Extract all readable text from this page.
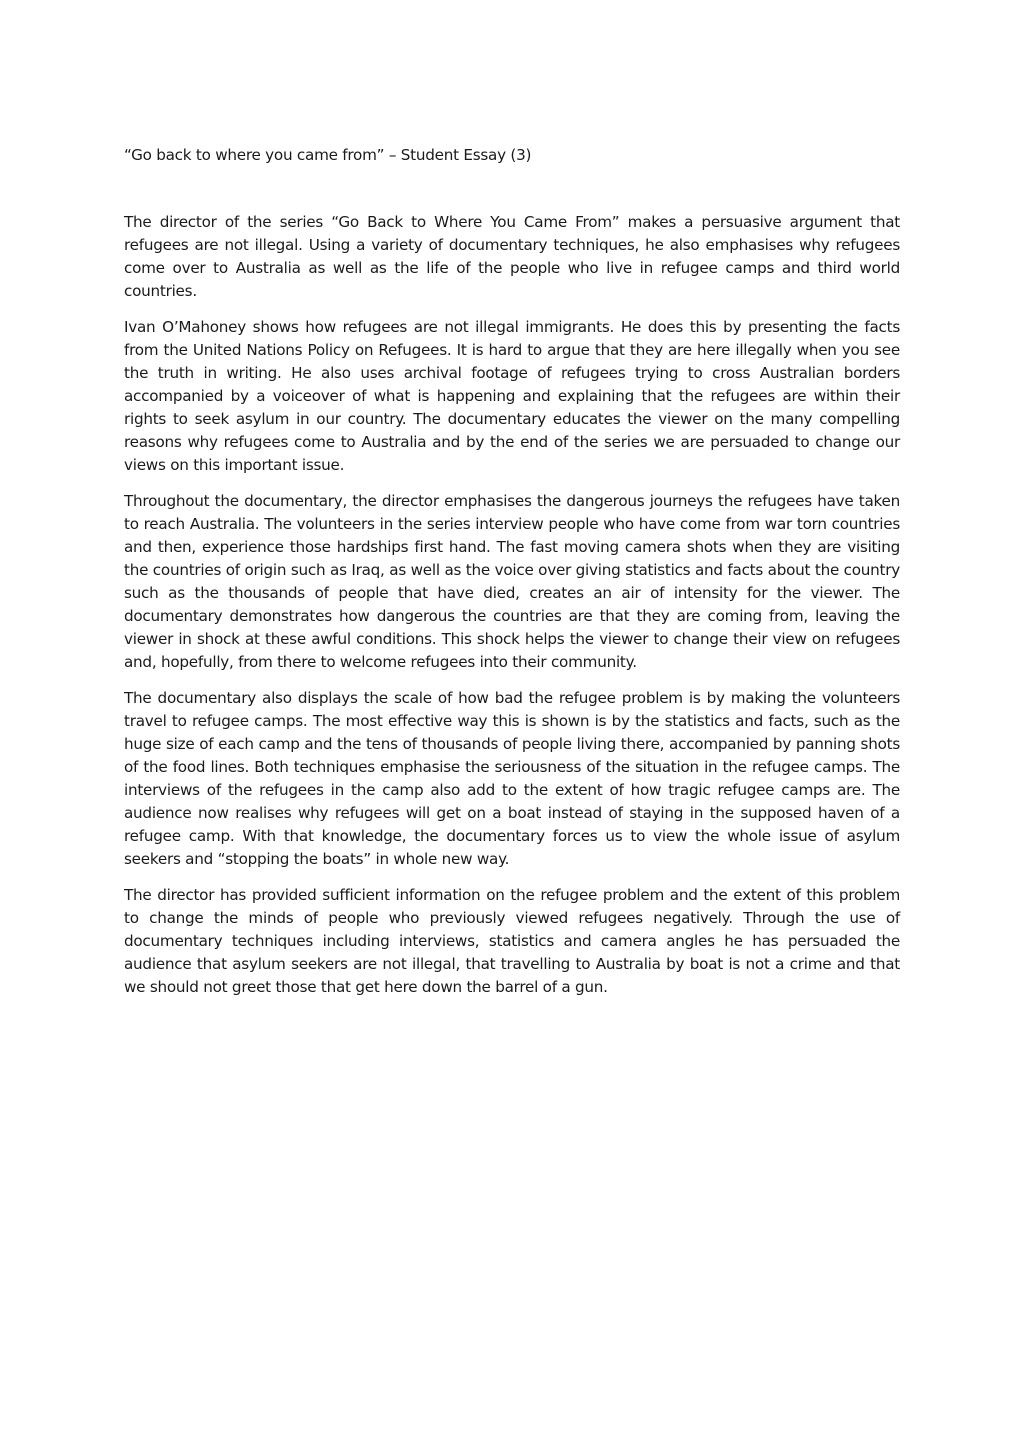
“Go back to where you came from” – Student Essay (3)

The director of the series “Go Back to Where You Came From” makes a persuasive argument that refugees are not illegal. Using a variety of documentary techniques, he also emphasises why refugees come over to Australia as well as the life of the people who live in refugee camps and third world countries.

Ivan O’Mahoney shows how refugees are not illegal immigrants. He does this by presenting the facts from the United Nations Policy on Refugees. It is hard to argue that they are here illegally when you see the truth in writing. He also uses archival footage of refugees trying to cross Australian borders accompanied by a voiceover of what is happening and explaining that the refugees are within their rights to seek asylum in our country. The documentary educates the viewer on the many compelling reasons why refugees come to Australia and by the end of the series we are persuaded to change our views on this important issue.

Throughout the documentary, the director emphasises the dangerous journeys the refugees have taken to reach Australia. The volunteers in the series interview people who have come from war torn countries and then, experience those hardships first hand. The fast moving camera shots when they are visiting the countries of origin such as Iraq, as well as the voice over giving statistics and facts about the country such as the thousands of people that have died, creates an air of intensity for the viewer. The documentary demonstrates how dangerous the countries are that they are coming from, leaving the viewer in shock at these awful conditions. This shock helps the viewer to change their view on refugees and, hopefully, from there to welcome refugees into their community.

The documentary also displays the scale of how bad the refugee problem is by making the volunteers travel to refugee camps. The most effective way this is shown is by the statistics and facts, such as the huge size of each camp and the tens of thousands of people living there, accompanied by panning shots of the food lines. Both techniques emphasise the seriousness of the situation in the refugee camps. The interviews of the refugees in the camp also add to the extent of how tragic refugee camps are. The audience now realises why refugees will get on a boat instead of staying in the supposed haven of a refugee camp. With that knowledge, the documentary forces us to view the whole issue of asylum seekers and “stopping the boats” in whole new way.

The director has provided sufficient information on the refugee problem and the extent of this problem to change the minds of people who previously viewed refugees negatively. Through the use of documentary techniques including interviews, statistics and camera angles he has persuaded the audience that asylum seekers are not illegal, that travelling to Australia by boat is not a crime and that we should not greet those that get here down the barrel of a gun.
